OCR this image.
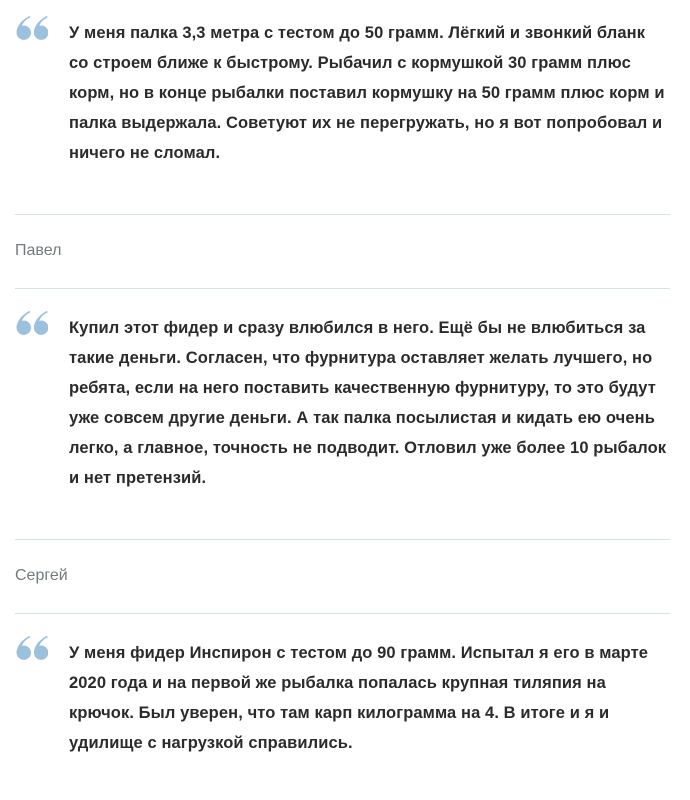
У меня палка 3,3 метра с тестом до 50 грамм. Лёгкий и звонкий бланк со строем ближе к быстрому. Рыбачил с кормушкой 30 грамм плюс корм, но в конце рыбалки поставил кормушку на 50 грамм плюс корм и палка выдержала. Советуют их не перегружать, но я вот попробовал и ничего не сломал.

Павел

Купил этот фидер и сразу влюбился в него. Ещё бы не влюбиться за такие деньги. Согласен, что фурнитура оставляет желать лучшего, но ребята, если на него поставить качественную фурнитуру, то это будут уже совсем другие деньги. А так палка посылистая и кидать ею очень легко, а главное, точность не подводит. Отловил уже более 10 рыбалок и нет претензий.

Сергей

У меня фидер Инспирон с тестом до 90 грамм. Испытал я его в марте 2020 года и на первой же рыбалка попалась крупная тиляпия на крючок. Был уверен, что там карп килограмма на 4. В итоге и я и удилище с нагрузкой справились.
